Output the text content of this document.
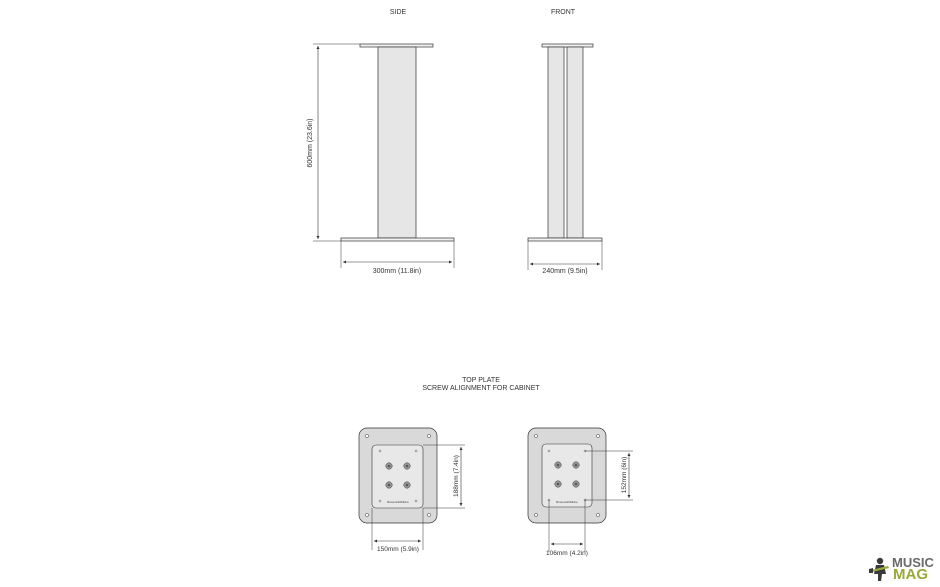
SIDE
600mm (23.6in)
300mm (11.8in)
FRONT
240mm (9.5in)
TOP PLATE
SCREW ALIGNMENT FOR CABINET
Bowers&Wilkins
188mm (7.4in)
150mm (5.9in)
Bowers&Wilkins
152mm (6in)
106mm (4.2in)
MUSIC
MAG
